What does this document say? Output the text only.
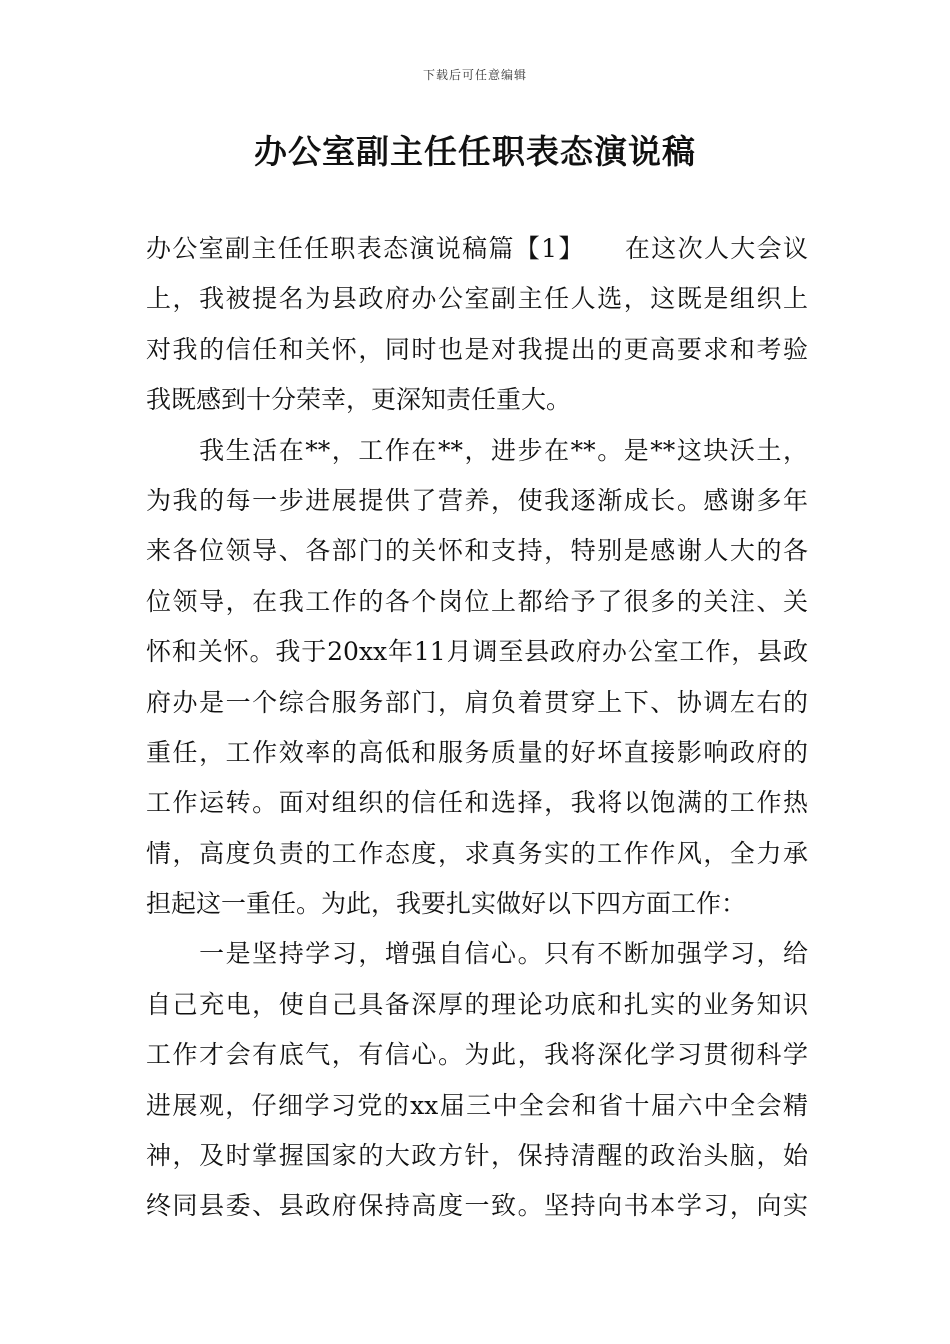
下载后可任意编辑
办公室副主任任职表态演说稿
办公室副主任任职表态演说稿篇【1】　　在这次人大会议
上，我被提名为县政府办公室副主任人选，这既是组织上
对我的信任和关怀，同时也是对我提出的更高要求和考验
我既感到十分荣幸，更深知责任重大。
　　我生活在**，工作在**，进步在**。是**这块沃土，
为我的每一步进展提供了营养，使我逐渐成长。感谢多年
来各位领导、各部门的关怀和支持，特别是感谢人大的各
位领导，在我工作的各个岗位上都给予了很多的关注、关
怀和关怀。我于20xx年11月调至县政府办公室工作，县政
府办是一个综合服务部门，肩负着贯穿上下、协调左右的
重任，工作效率的高低和服务质量的好坏直接影响政府的
工作运转。面对组织的信任和选择，我将以饱满的工作热
情，高度负责的工作态度，求真务实的工作作风，全力承
担起这一重任。为此，我要扎实做好以下四方面工作：
　　一是坚持学习，增强自信心。只有不断加强学习，给
自己充电，使自己具备深厚的理论功底和扎实的业务知识
工作才会有底气，有信心。为此，我将深化学习贯彻科学
进展观，仔细学习党的xx届三中全会和省十届六中全会精
神，及时掌握国家的大政方针，保持清醒的政治头脑，始
终同县委、县政府保持高度一致。坚持向书本学习，向实
